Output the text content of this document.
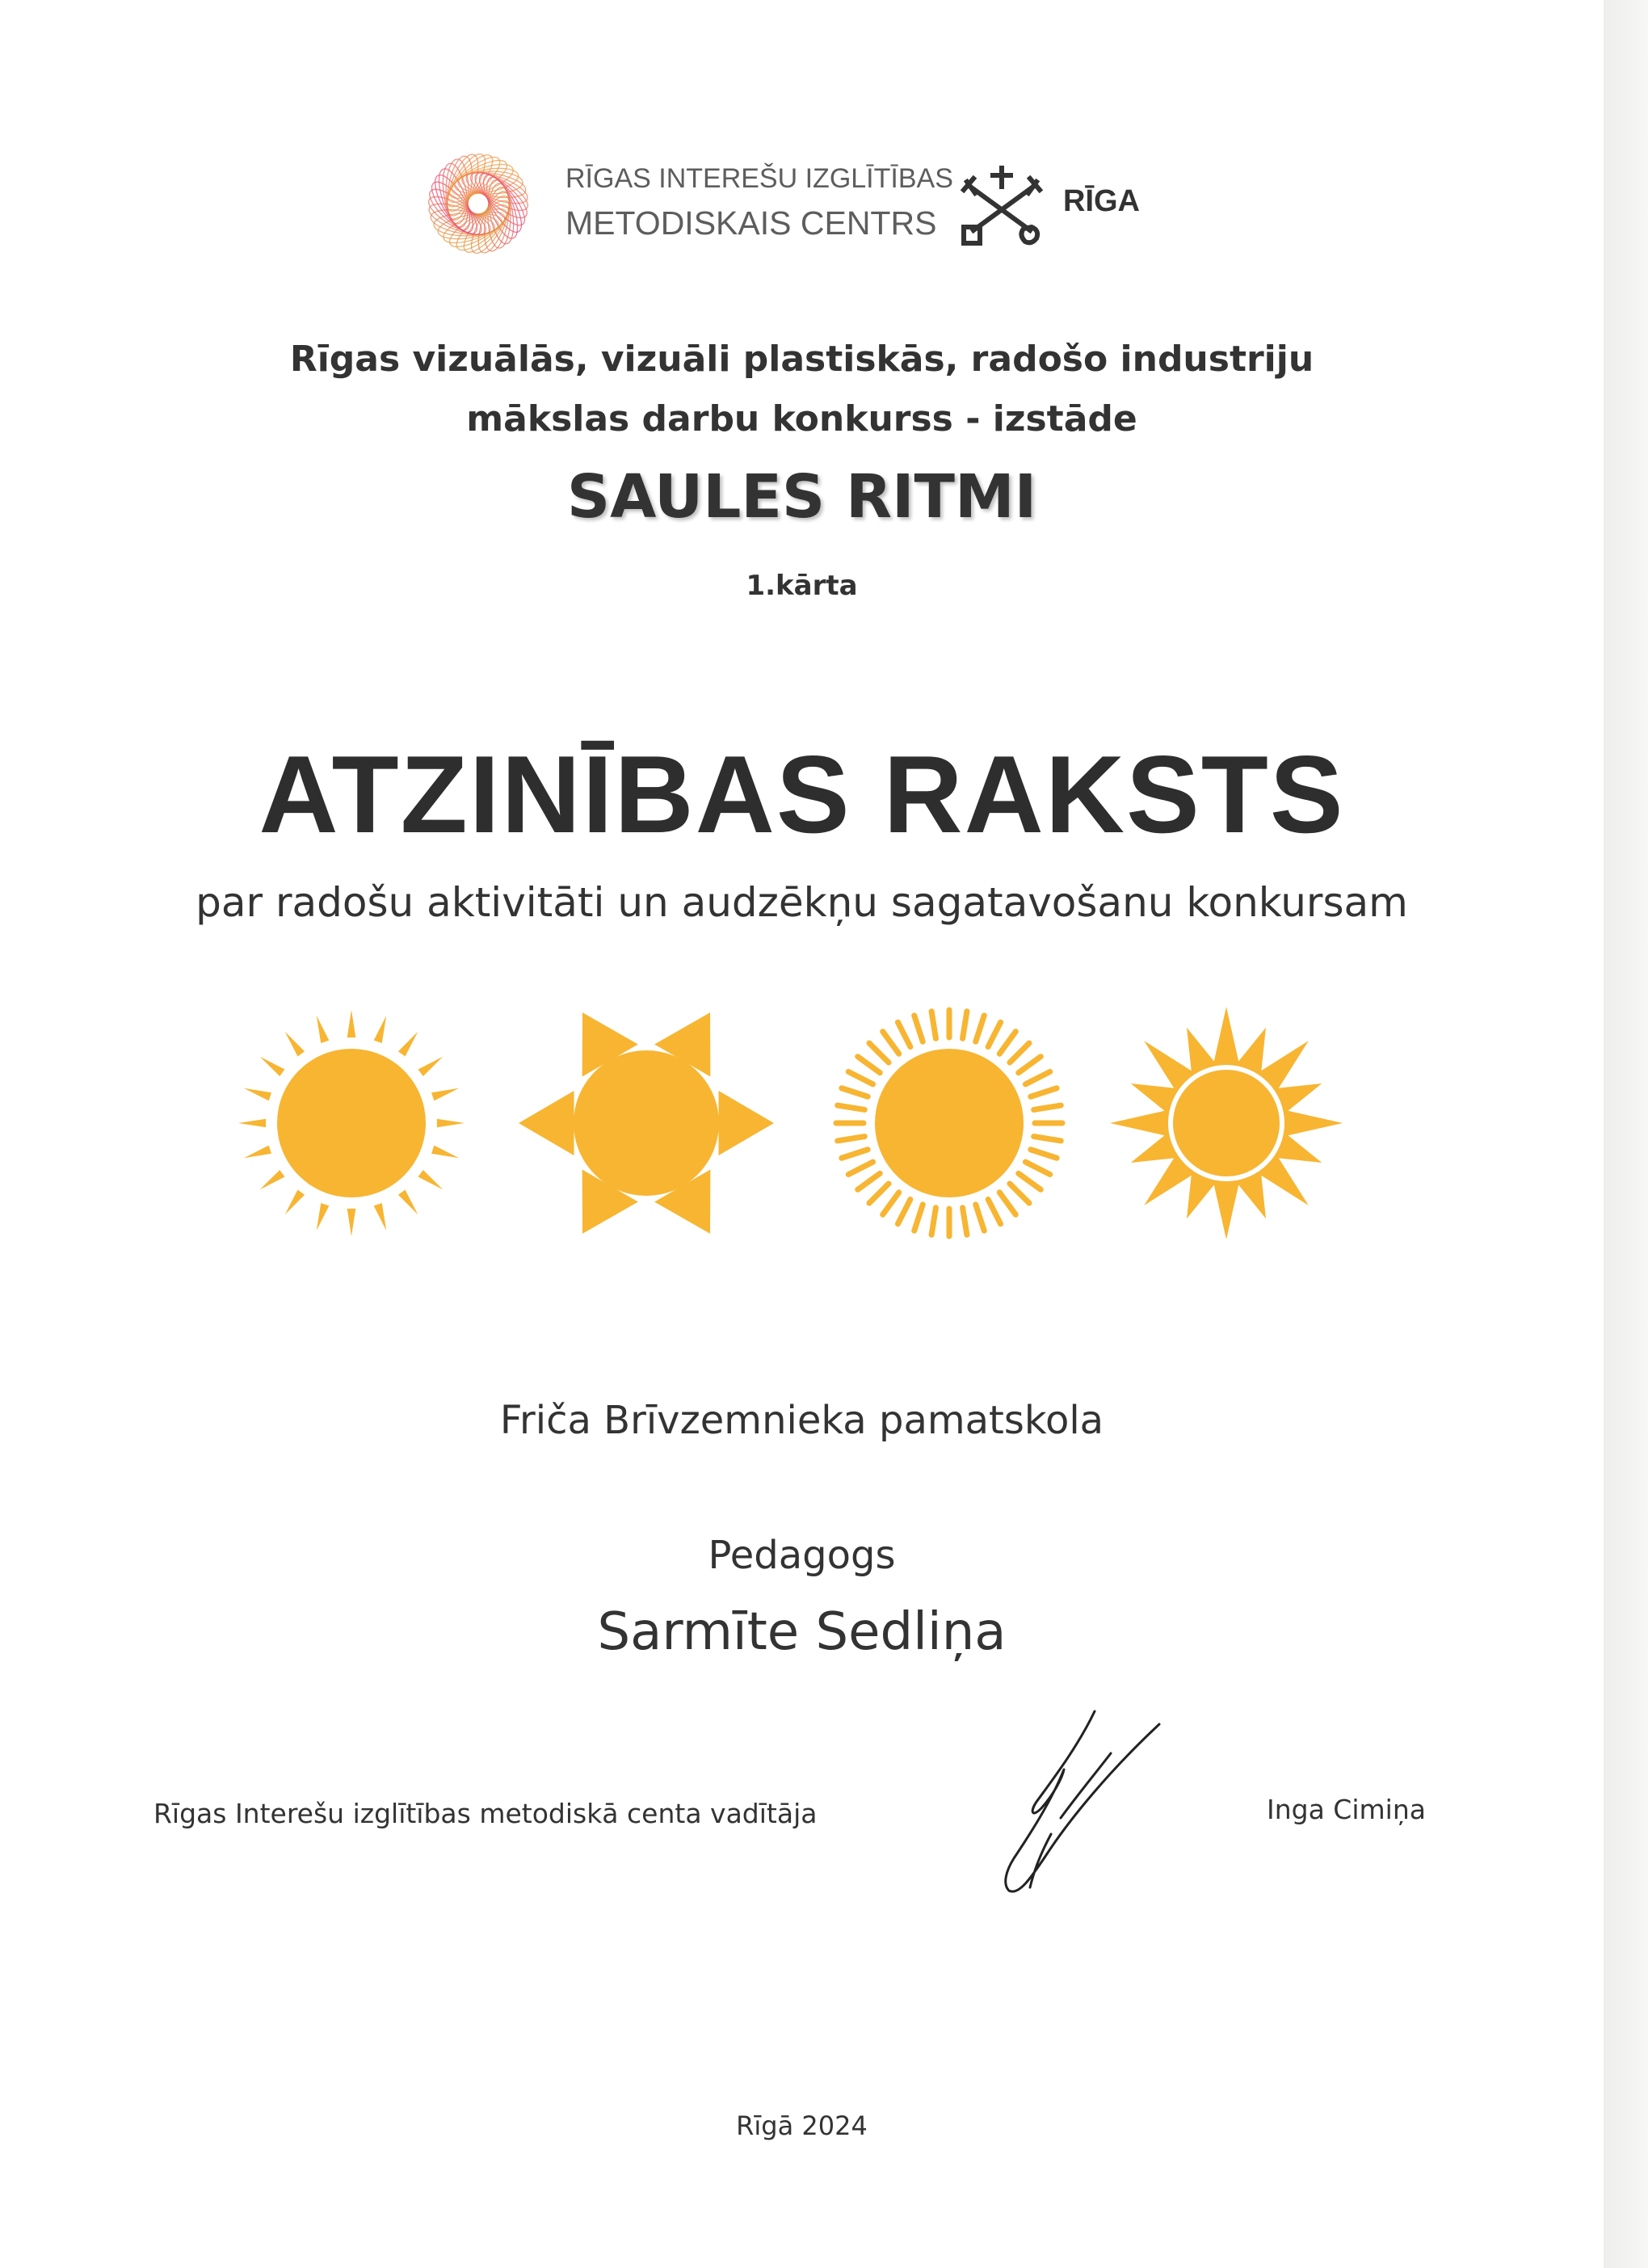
RĪGAS INTEREŠU IZGLĪTĪBAS
METODISKAIS CENTRS
RĪGA
Rīgas vizuālās, vizuāli plastiskās, radošo industriju
mākslas darbu konkurss - izstāde
SAULES RITMI
1.kārta
ATZINĪBAS RAKSTS
par radošu aktivitāti un audzēkņu sagatavošanu konkursam
Friča Brīvzemnieka pamatskola
Pedagogs
Sarmīte Sedliņa
Rīgas Interešu izglītības metodiskā centa vadītāja	Inga Cimiņa
Rīgā 2024
